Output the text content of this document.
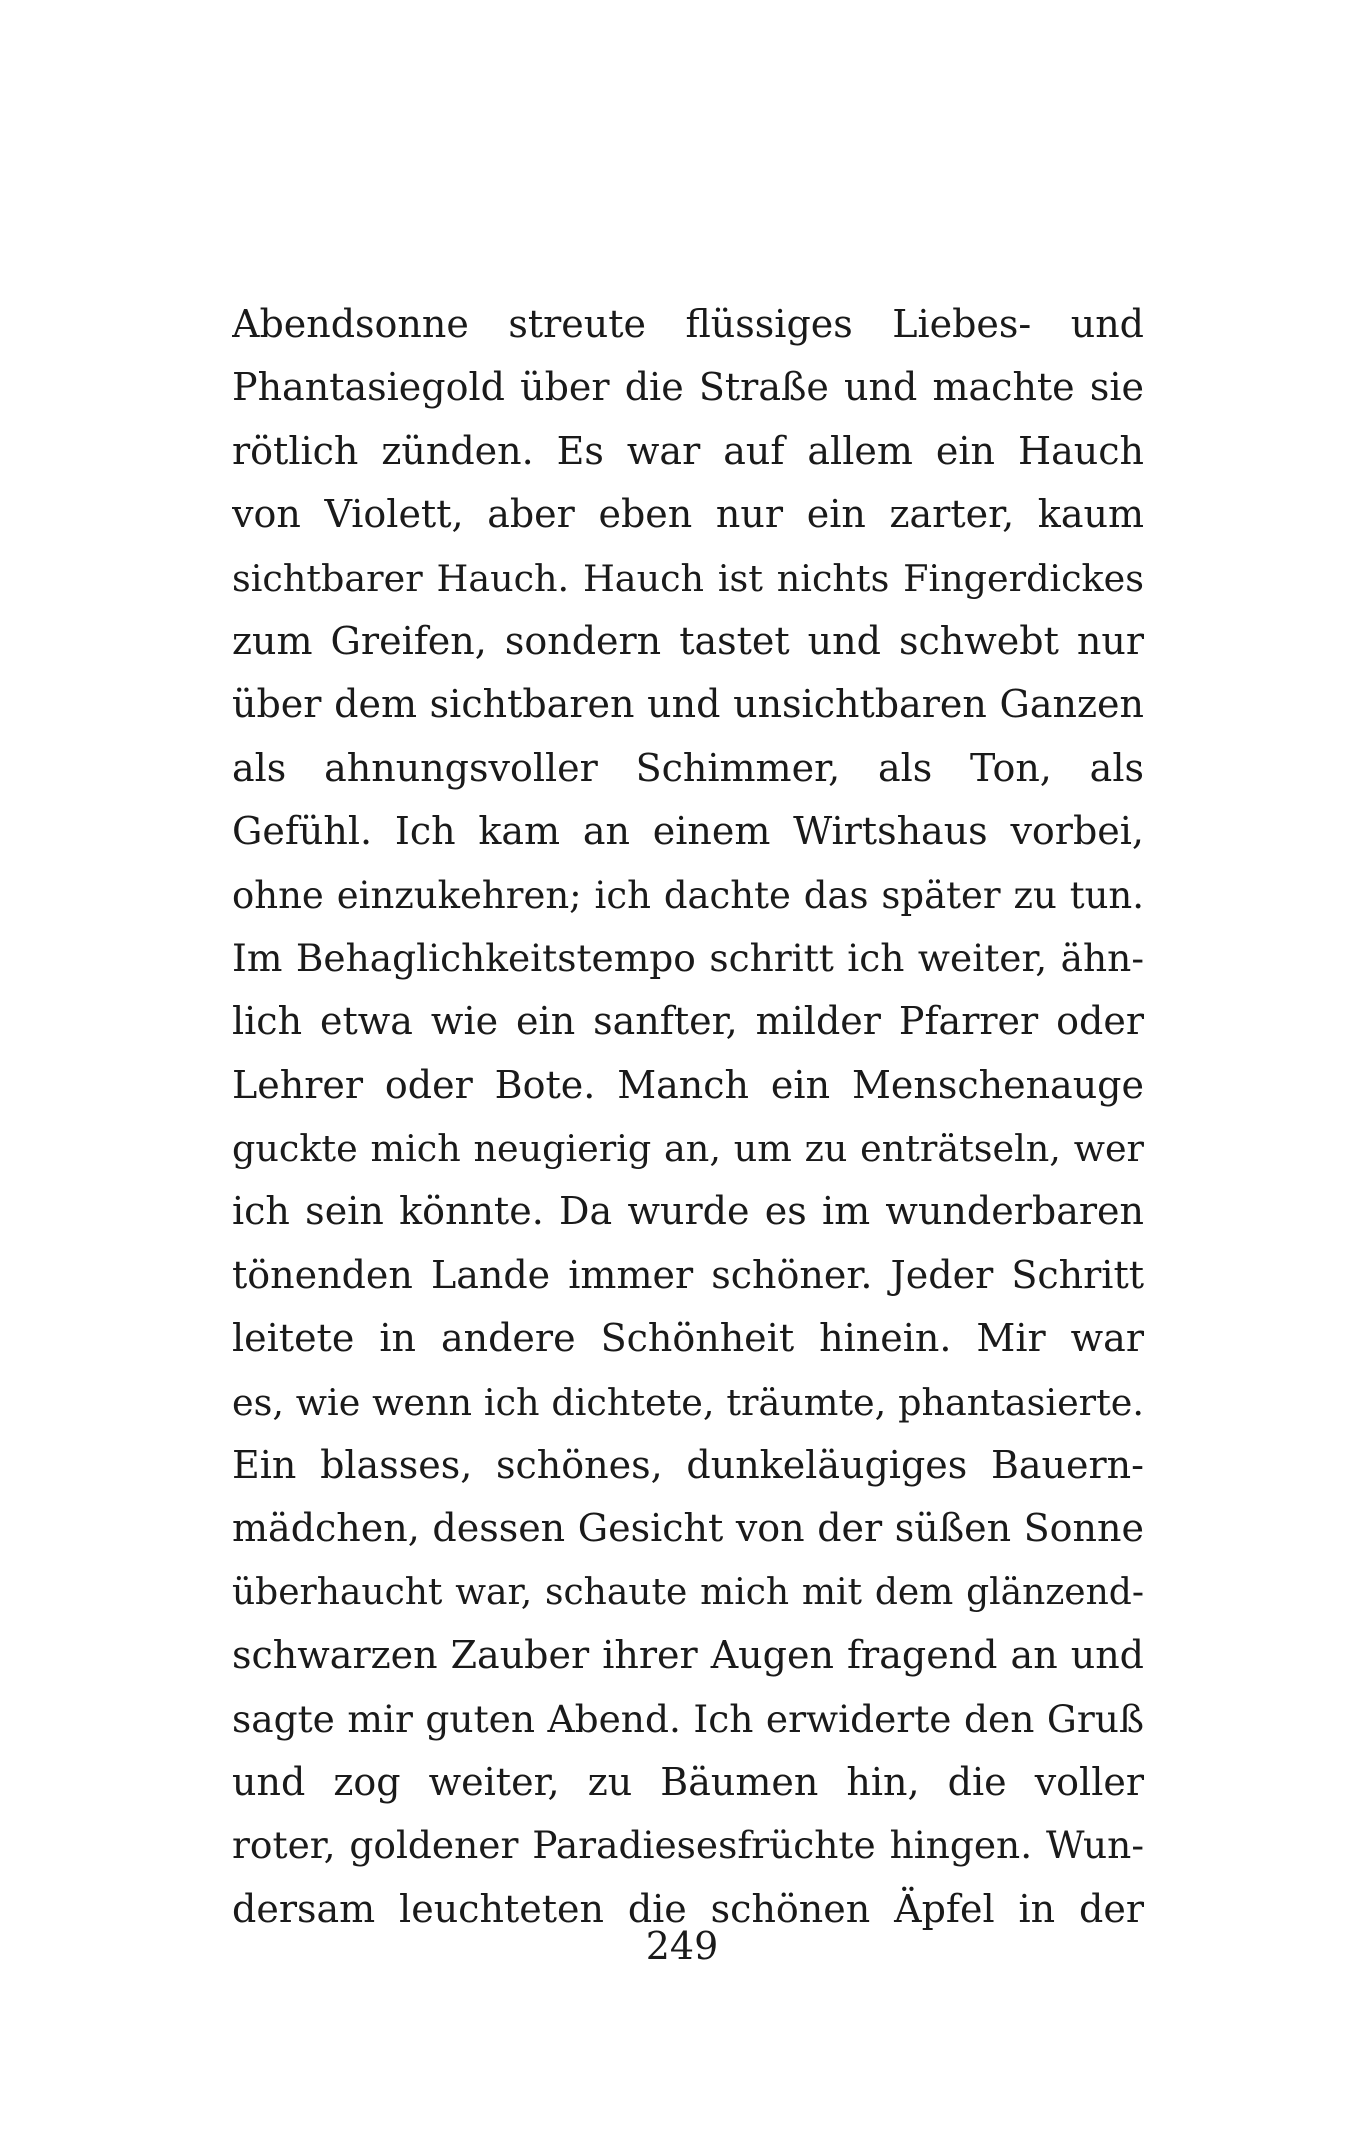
Abendsonne streute flüssiges Liebes- und
Phantasiegold über die Straße und machte sie
rötlich zünden. Es war auf allem ein Hauch
von Violett, aber eben nur ein zarter, kaum
sichtbarer Hauch. Hauch ist nichts Fingerdickes
zum Greifen, sondern tastet und schwebt nur
über dem sichtbaren und unsichtbaren Ganzen
als ahnungsvoller Schimmer, als Ton, als
Gefühl. Ich kam an einem Wirtshaus vorbei,
ohne einzukehren; ich dachte das später zu tun.
Im Behaglichkeitstempo schritt ich weiter, ähn-
lich etwa wie ein sanfter, milder Pfarrer oder
Lehrer oder Bote. Manch ein Menschenauge
guckte mich neugierig an, um zu enträtseln, wer
ich sein könnte. Da wurde es im wunderbaren
tönenden Lande immer schöner. Jeder Schritt
leitete in andere Schönheit hinein. Mir war
es, wie wenn ich dichtete, träumte, phantasierte.
Ein blasses, schönes, dunkeläugiges Bauern-
mädchen, dessen Gesicht von der süßen Sonne
überhaucht war, schaute mich mit dem glänzend-
schwarzen Zauber ihrer Augen fragend an und
sagte mir guten Abend. Ich erwiderte den Gruß
und zog weiter, zu Bäumen hin, die voller
roter, goldener Paradiesesfrüchte hingen. Wun-
dersam leuchteten die schönen Äpfel in der
249
